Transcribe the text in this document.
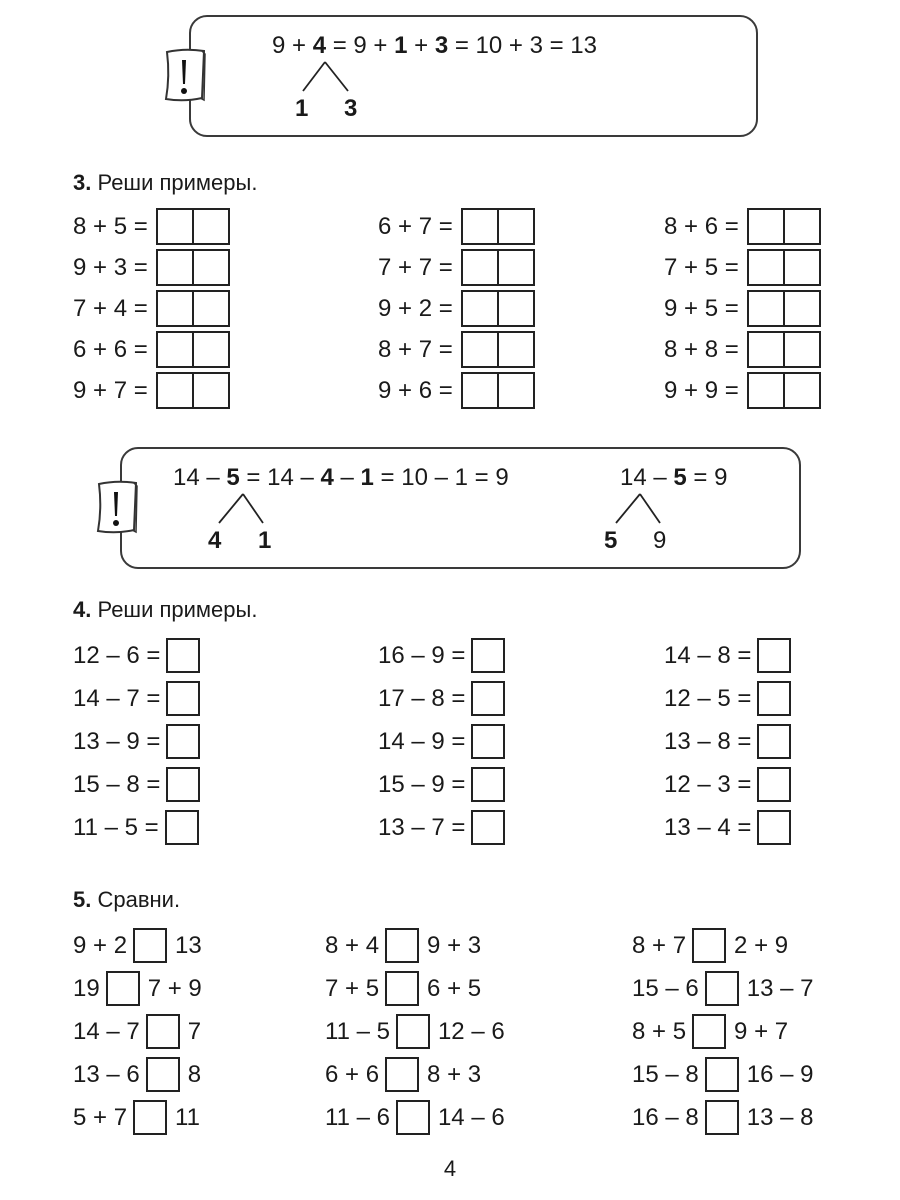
9 + 4 = 9 + 1 + 3 = 10 + 3 = 13
1 3
3. Реши примеры.
8 + 5 =
9 + 3 =
7 + 4 =
6 + 6 =
9 + 7 =
6 + 7 =
7 + 7 =
9 + 2 =
8 + 7 =
9 + 6 =
8 + 6 =
7 + 5 =
9 + 5 =
8 + 8 =
9 + 9 =
14 – 5 = 14 – 4 – 1 = 10 – 1 = 9
4 1
14 – 5 = 9
5 9
4. Реши примеры.
12 – 6 =
14 – 7 =
13 – 9 =
15 – 8 =
11 – 5 =
16 – 9 =
17 – 8 =
14 – 9 =
15 – 9 =
13 – 7 =
14 – 8 =
12 – 5 =
13 – 8 =
12 – 3 =
13 – 4 =
5. Сравни.
9 + 2 13
19 7 + 9
14 – 7 7
13 – 6 8
5 + 7 11
8 + 4 9 + 3
7 + 5 6 + 5
11 – 5 12 – 6
6 + 6 8 + 3
11 – 6 14 – 6
8 + 7 2 + 9
15 – 6 13 – 7
8 + 5 9 + 7
15 – 8 16 – 9
16 – 8 13 – 8
4
